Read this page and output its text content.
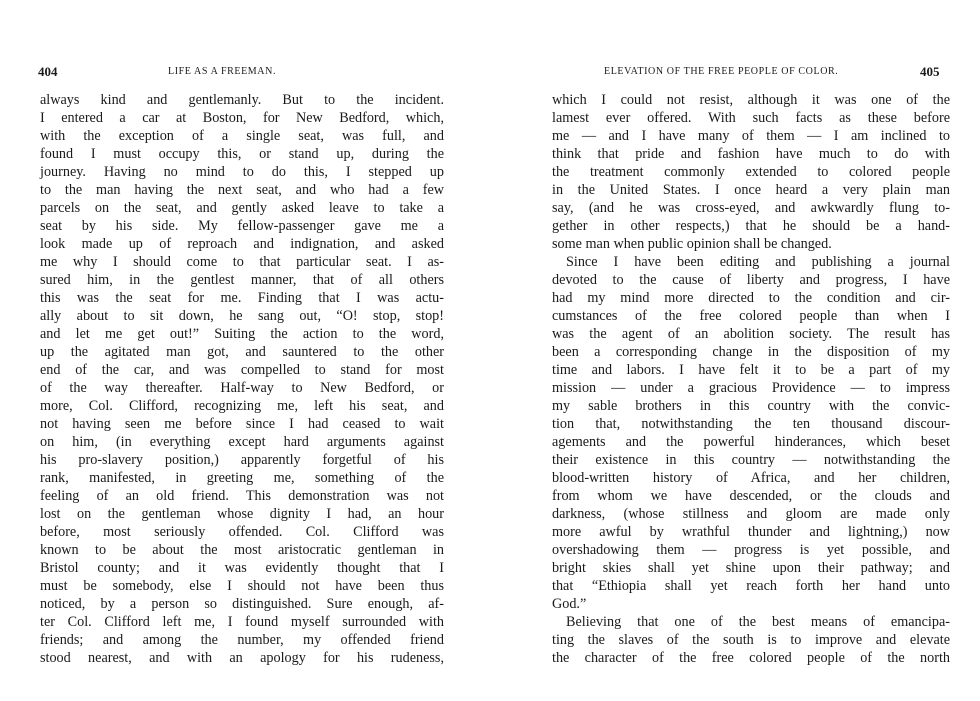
404	LIFE AS A FREEMAN.
always kind and gentlemanly. But to the incident.
I entered a car at Boston, for New Bedford, which,
with the exception of a single seat, was full, and
found I must occupy this, or stand up, during the
journey. Having no mind to do this, I stepped up
to the man having the next seat, and who had a few
parcels on the seat, and gently asked leave to take a
seat by his side. My fellow-passenger gave me a
look made up of reproach and indignation, and asked
me why I should come to that particular seat. I as-
sured him, in the gentlest manner, that of all others
this was the seat for me. Finding that I was actu-
ally about to sit down, he sang out, “O! stop, stop!
and let me get out!” Suiting the action to the word,
up the agitated man got, and sauntered to the other
end of the car, and was compelled to stand for most
of the way thereafter. Half-way to New Bedford, or
more, Col. Clifford, recognizing me, left his seat, and
not having seen me before since I had ceased to wait
on him, (in everything except hard arguments against
his pro-slavery position,) apparently forgetful of his
rank, manifested, in greeting me, something of the
feeling of an old friend. This demonstration was not
lost on the gentleman whose dignity I had, an hour
before, most seriously offended. Col. Clifford was
known to be about the most aristocratic gentleman in
Bristol county; and it was evidently thought that I
must be somebody, else I should not have been thus
noticed, by a person so distinguished. Sure enough, af-
ter Col. Clifford left me, I found myself surrounded with
friends; and among the number, my offended friend
stood nearest, and with an apology for his rudeness,
ELEVATION OF THE FREE PEOPLE OF COLOR.	405
which I could not resist, although it was one of the
lamest ever offered. With such facts as these before
me — and I have many of them — I am inclined to
think that pride and fashion have much to do with
the treatment commonly extended to colored people
in the United States. I once heard a very plain man
say, (and he was cross-eyed, and awkwardly flung to-
gether in other respects,) that he should be a hand-
some man when public opinion shall be changed.
Since I have been editing and publishing a journal
devoted to the cause of liberty and progress, I have
had my mind more directed to the condition and cir-
cumstances of the free colored people than when I
was the agent of an abolition society. The result has
been a corresponding change in the disposition of my
time and labors. I have felt it to be a part of my
mission — under a gracious Providence — to impress
my sable brothers in this country with the convic-
tion that, notwithstanding the ten thousand discour-
agements and the powerful hinderances, which beset
their existence in this country — notwithstanding the
blood-written history of Africa, and her children,
from whom we have descended, or the clouds and
darkness, (whose stillness and gloom are made only
more awful by wrathful thunder and lightning,) now
overshadowing them — progress is yet possible, and
bright skies shall yet shine upon their pathway; and
that “Ethiopia shall yet reach forth her hand unto
God.”
Believing that one of the best means of emancipa-
ting the slaves of the south is to improve and elevate
the character of the free colored people of the north
